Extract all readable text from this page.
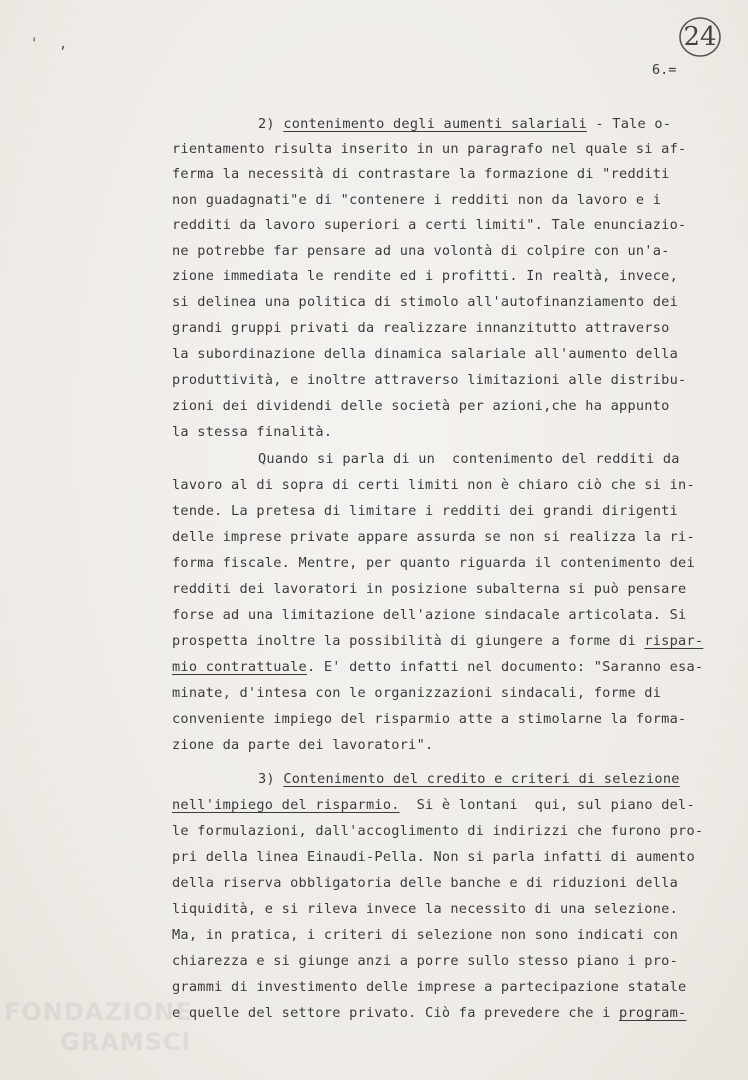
' ,	24
6.=
2) contenimento degli aumenti salariali - Tale o-
rientamento risulta inserito in un paragrafo nel quale si af-
ferma la necessità di contrastare la formazione di "redditi
non guadagnati"e di "contenere i redditi non da lavoro e i
redditi da lavoro superiori a certi limiti". Tale enunciazio-
ne potrebbe far pensare ad una volontà di colpire con un'a-
zione immediata le rendite ed i profitti. In realtà, invece,
si delinea una politica di stimolo all'autofinanziamento dei
grandi gruppi privati da realizzare innanzitutto attraverso
la subordinazione della dinamica salariale all'aumento della
produttività, e inoltre attraverso limitazioni alle distribu-
zioni dei dividendi delle società per azioni,che ha appunto
la stessa finalità.
Quando si parla di un  contenimento del redditi da
lavoro al di sopra di certi limiti non è chiaro ciò che si in-
tende. La pretesa di limitare i redditi dei grandi dirigenti
delle imprese private appare assurda se non si realizza la ri-
forma fiscale. Mentre, per quanto riguarda il contenimento dei
redditi dei lavoratori in posizione subalterna si può pensare
forse ad una limitazione dell'azione sindacale articolata. Si
prospetta inoltre la possibilità di giungere a forme di rispar-
mio contrattuale. E' detto infatti nel documento: "Saranno esa-
minate, d'intesa con le organizzazioni sindacali, forme di
conveniente impiego del risparmio atte a stimolarne la forma-
zione da parte dei lavoratori".
3) Contenimento del credito e criteri di selezione
nell'impiego del risparmio.  Si è lontani  qui, sul piano del-
le formulazioni, dall'accoglimento di indirizzi che furono pro-
pri della linea Einaudi-Pella. Non si parla infatti di aumento
della riserva obbligatoria delle banche e di riduzioni della
liquidità, e si rileva invece la necessito di una selezione.
Ma, in pratica, i criteri di selezione non sono indicati con
chiarezza e si giunge anzi a porre sullo stesso piano i pro-
grammi di investimento delle imprese a partecipazione statale
e quelle del settore privato. Ciò fa prevedere che i program-
FONDAZIONE
GRAMSCI
